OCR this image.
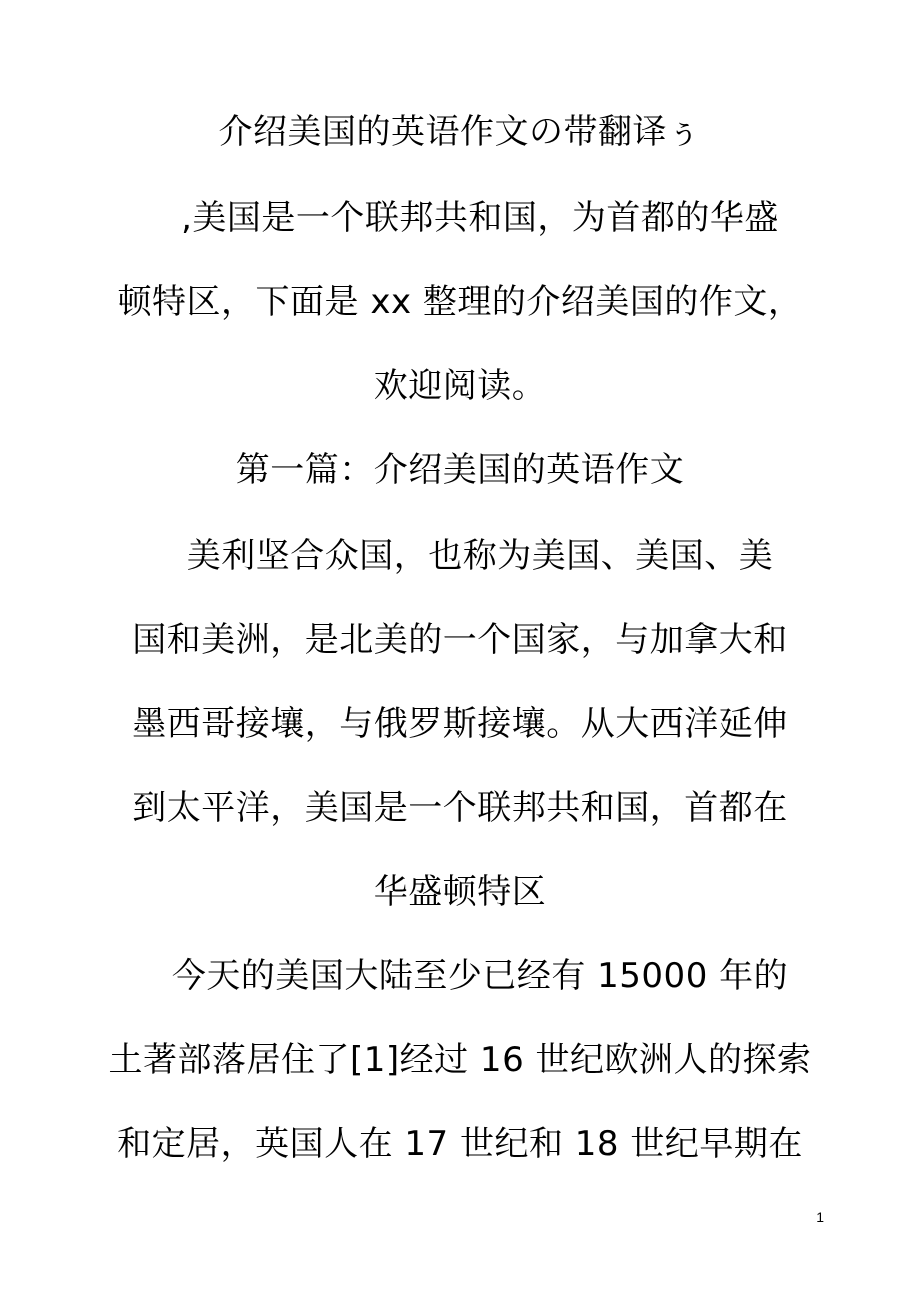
介绍美国的英语作文の带翻译ぅ
,美国是一个联邦共和国，为首都的华盛
顿特区，下面是 xx 整理的介绍美国的作文，
欢迎阅读。
第一篇：介绍美国的英语作文
美利坚合众国，也称为美国、美国、美
国和美洲，是北美的一个国家，与加拿大和
墨西哥接壤，与俄罗斯接壤。从大西洋延伸
到太平洋，美国是一个联邦共和国，首都在
华盛顿特区
今天的美国大陆至少已经有 15000 年的
土著部落居住了[1]经过 16 世纪欧洲人的探索
和定居，英国人在 17 世纪和 18 世纪早期在
1
